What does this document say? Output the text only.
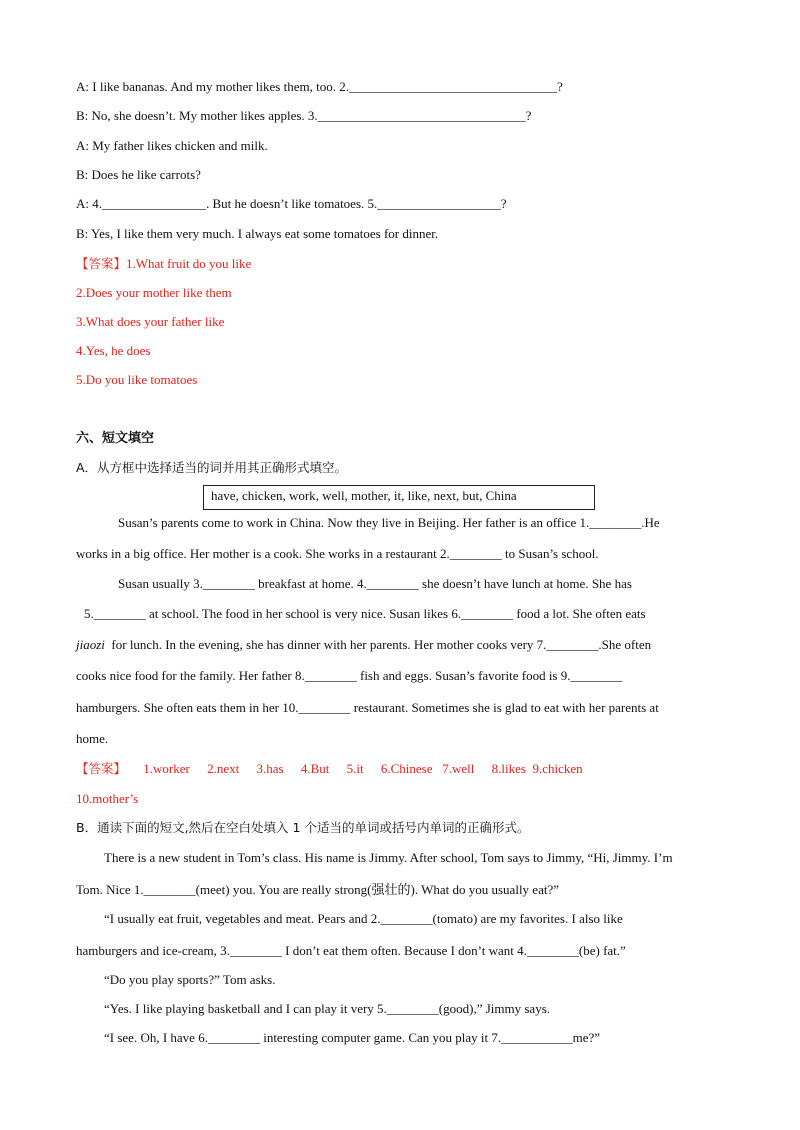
A: I like bananas. And my mother likes them, too. 2.________________________________?
B: No, she doesn’t. My mother likes apples. 3.________________________________?
A: My father likes chicken and milk.
B: Does he like carrots?
A: 4.________________. But he doesn’t like tomatoes. 5.___________________?
B: Yes, I like them very much. I always eat some tomatoes for dinner.
【答案】1.What fruit do you like
2.Does your mother like them
3.What does your father like
4.Yes, he does
5.Do you like tomatoes
六、短文填空
A．从方框中选择适当的词并用其正确形式填空。
have, chicken, work, well, mother, it, like, next, but, China
Susan’s parents come to work in China. Now they live in Beijing. Her father is an office 1.________.He
works in a big office. Her mother is a cook. She works in a restaurant 2.________ to Susan’s school.
Susan usually 3.________ breakfast at home. 4.________ she doesn’t have lunch at home. She has
5.________ at school. The food in her school is very nice. Susan likes 6.________ food a lot. She often eats
jiaozi for lunch. In the evening, she has dinner with her parents. Her mother cooks very 7.________.She often
cooks nice food for the family. Her father 8.________ fish and eggs. Susan’s favorite food is 9.________
hamburgers. She often eats them in her 10.________ restaurant. Sometimes she is glad to eat with her parents at
home.
【答案】 1.worker 2.next 3.has 4.But 5.it 6.Chinese 7.well 8.likes 9.chicken
10.mother’s
B．通读下面的短文,然后在空白处填入 1 个适当的单词或括号内单词的正确形式。
There is a new student in Tom’s class. His name is Jimmy. After school, Tom says to Jimmy, “Hi, Jimmy. I’m
Tom. Nice 1.________(meet) you. You are really strong(强壮的). What do you usually eat?”
“I usually eat fruit, vegetables and meat. Pears and 2.________(tomato) are my favorites. I also like
hamburgers and ice-cream, 3.________ I don’t eat them often. Because I don’t want 4.________(be) fat.”
“Do you play sports?” Tom asks.
“Yes. I like playing basketball and I can play it very 5.________(good),” Jimmy says.
“I see. Oh, I have 6.________ interesting computer game. Can you play it 7.___________me?”
